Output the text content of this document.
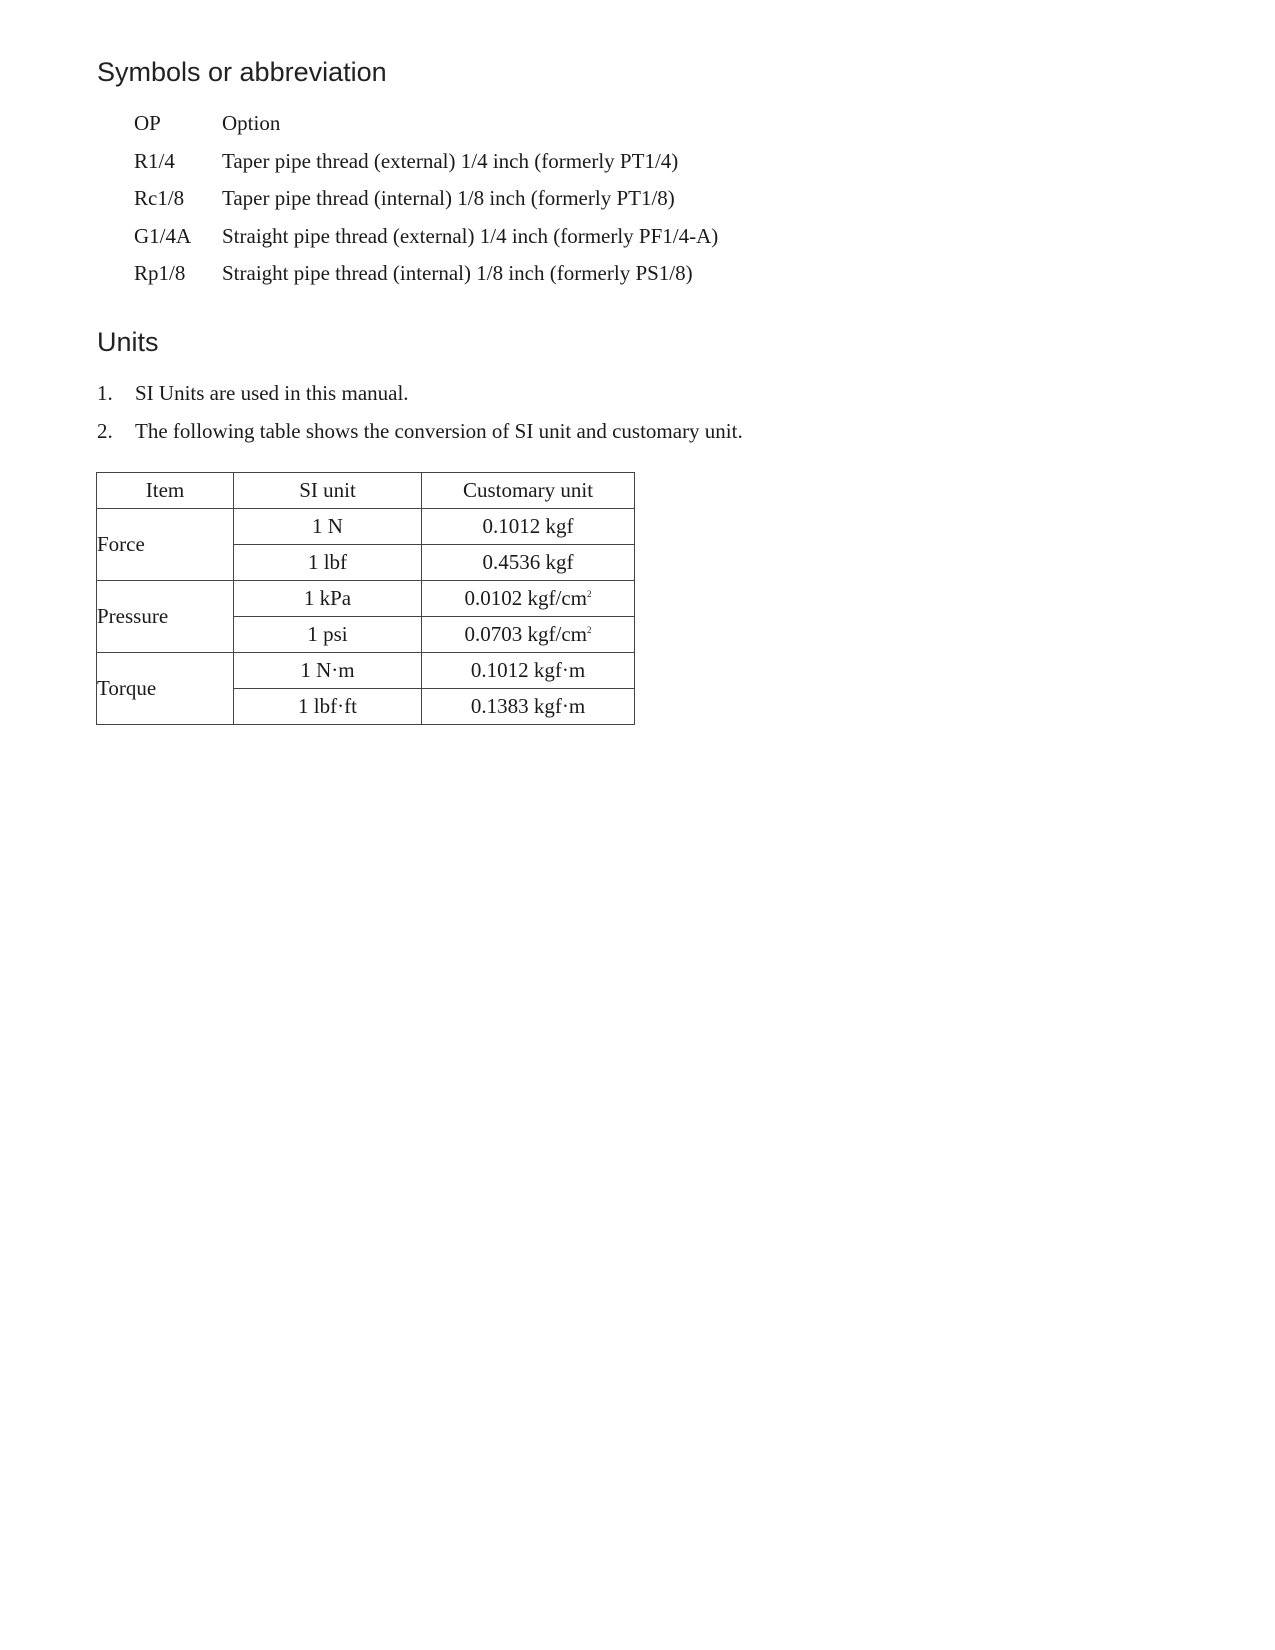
Symbols or abbreviation
OP	Option
R1/4	Taper pipe thread (external) 1/4 inch (formerly PT1/4)
Rc1/8	Taper pipe thread (internal) 1/8 inch (formerly PT1/8)
G1/4A	Straight pipe thread (external) 1/4 inch (formerly PF1/4-A)
Rp1/8	Straight pipe thread (internal) 1/8 inch (formerly PS1/8)
Units
1.	SI Units are used in this manual.
2.	The following table shows the conversion of SI unit and customary unit.
Item	SI unit	Customary unit
Force	1 N	0.1012 kgf
	1 lbf	0.4536 kgf
Pressure	1 kPa	0.0102 kgf/$cm^2$
	1 psi	0.0703 kgf/$cm^2$
Torque	1 N·m	0.1012 kgf·m
	1 lbf·ft	0.1383 kgf·m
